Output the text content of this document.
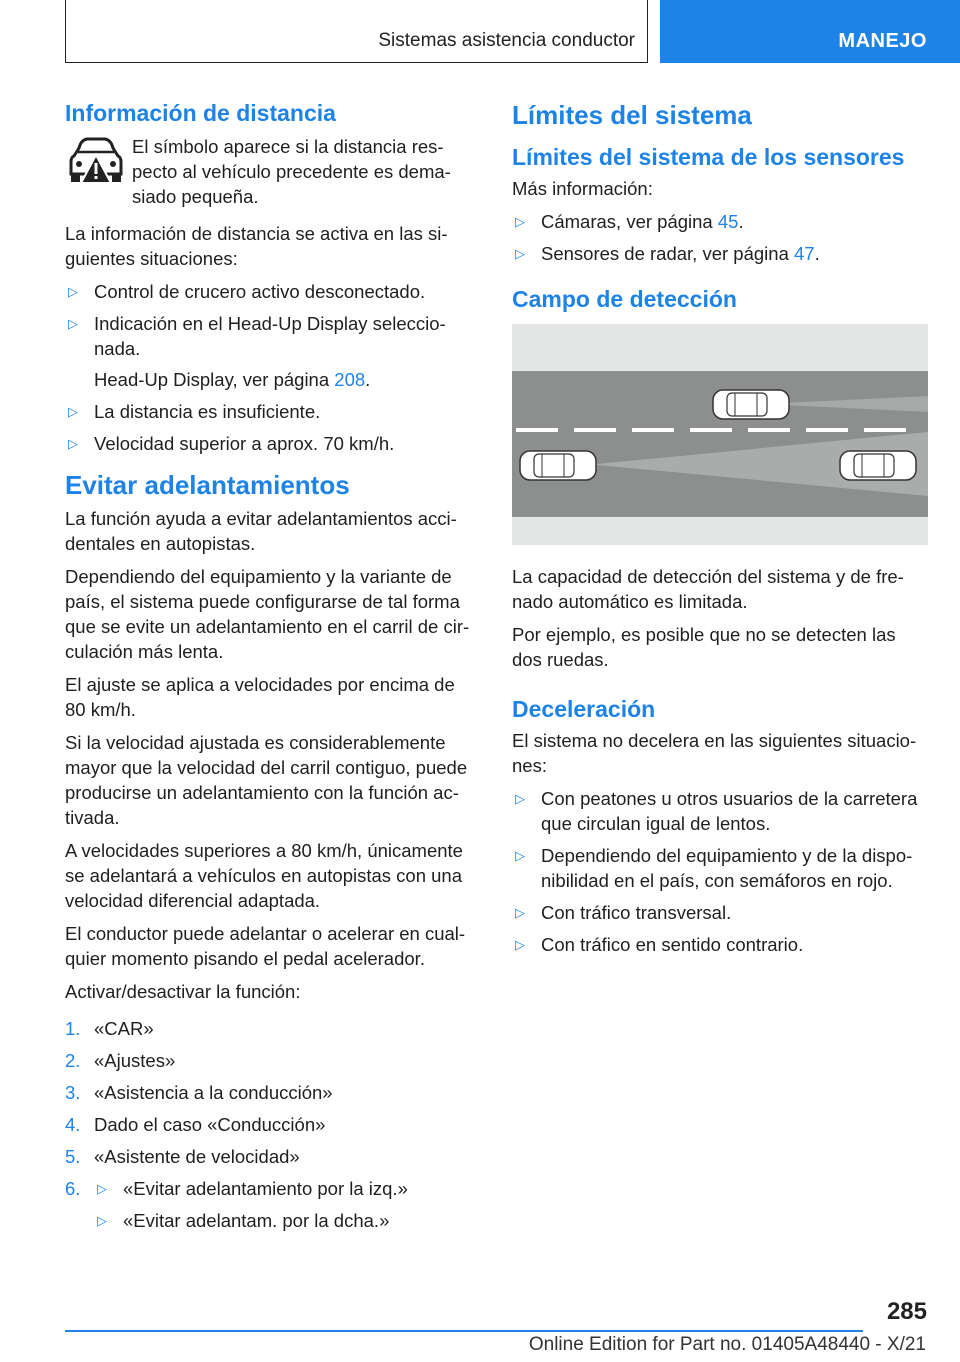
Sistemas asistencia conductor	MANEJO
Información de distancia
El símbolo aparece si la distancia res-pecto al vehículo precedente es dema-siado pequeña.

La información de distancia se activa en las si-guientes situaciones:

▷ Control de crucero activo desconectado.
▷ Indicación en el Head-Up Display seleccio-nada.
Head-Up Display, ver página 208.
▷ La distancia es insuficiente.
▷ Velocidad superior a aprox. 70 km/h.
Evitar adelantamientos

La función ayuda a evitar adelantamientos acci-dentales en autopistas.

Dependiendo del equipamiento y la variante de país, el sistema puede configurarse de tal forma que se evite un adelantamiento en el carril de cir-culación más lenta.

El ajuste se aplica a velocidades por encima de 80 km/h.

Si la velocidad ajustada es considerablemente mayor que la velocidad del carril contiguo, puede producirse un adelantamiento con la función ac-tivada.

A velocidades superiores a 80 km/h, únicamente se adelantará a vehículos en autopistas con una velocidad diferencial adaptada.

El conductor puede adelantar o acelerar en cual-quier momento pisando el pedal acelerador.

Activar/desactivar la función:

1. «CAR»
2. «Ajustes»
3. «Asistencia a la conducción»
4. Dado el caso «Conducción»
5. «Asistente de velocidad»
6. ▷ «Evitar adelantamiento por la izq.»
▷ «Evitar adelantam. por la dcha.»
Límites del sistema
Límites del sistema de los sensores

Más información:

▷ Cámaras, ver página 45.
▷ Sensores de radar, ver página 47.
Campo de detección

La capacidad de detección del sistema y de fre-nado automático es limitada.

Por ejemplo, es posible que no se detecten las dos ruedas.

Deceleración

El sistema no decelera en las siguientes situacio-nes:

▷ Con peatones u otros usuarios de la carretera que circulan igual de lentos.
▷ Dependiendo del equipamiento y de la dispo-nibilidad en el país, con semáforos en rojo.
▷ Con tráfico transversal.
▷ Con tráfico en sentido contrario.
285
Online Edition for Part no. 01405A48440 - X/21
